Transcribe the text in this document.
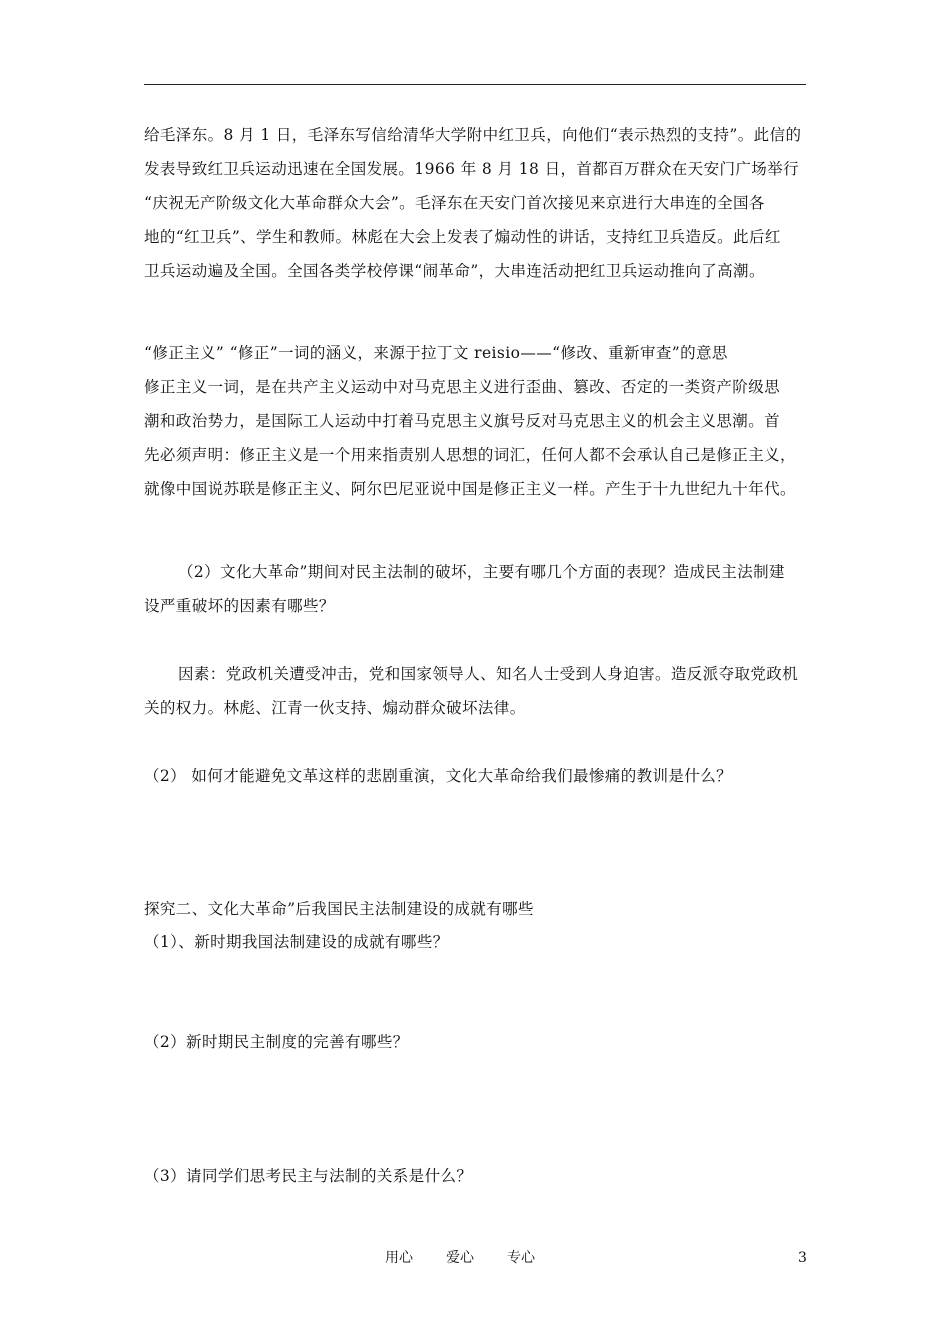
给毛泽东。8 月 1 日，毛泽东写信给清华大学附中红卫兵，向他们“表示热烈的支持”。此信的
发表导致红卫兵运动迅速在全国发展。1966 年 8 月 18 日，首都百万群众在天安门广场举行
“庆祝无产阶级文化大革命群众大会”。毛泽东在天安门首次接见来京进行大串连的全国各
地的“红卫兵”、学生和教师。林彪在大会上发表了煽动性的讲话，支持红卫兵造反。此后红
卫兵运动遍及全国。全国各类学校停课“闹革命”，大串连活动把红卫兵运动推向了高潮。
“修正主义” “修正”一词的涵义，来源于拉丁文 reisio——“修改、重新审查”的意思
修正主义一词，是在共产主义运动中对马克思主义进行歪曲、篡改、否定的一类资产阶级思
潮和政治势力，是国际工人运动中打着马克思主义旗号反对马克思主义的机会主义思潮。首
先必须声明：修正主义是一个用来指责别人思想的词汇，任何人都不会承认自己是修正主义，
就像中国说苏联是修正主义、阿尔巴尼亚说中国是修正主义一样。产生于十九世纪九十年代。
（2）文化大革命”期间对民主法制的破坏，主要有哪几个方面的表现？造成民主法制建
设严重破坏的因素有哪些？
因素：党政机关遭受冲击，党和国家领导人、知名人士受到人身迫害。造反派夺取党政机
关的权力。林彪、江青一伙支持、煽动群众破坏法律。

（2） 如何才能避免文革这样的悲剧重演，文化大革命给我们最惨痛的教训是什么？

探究二、文化大革命”后我国民主法制建设的成就有哪些

（1）、新时期我国法制建设的成就有哪些？

（2）新时期民主制度的完善有哪些？

（3）请同学们思考民主与法制的关系是什么？

用心 爱心 专心	3
